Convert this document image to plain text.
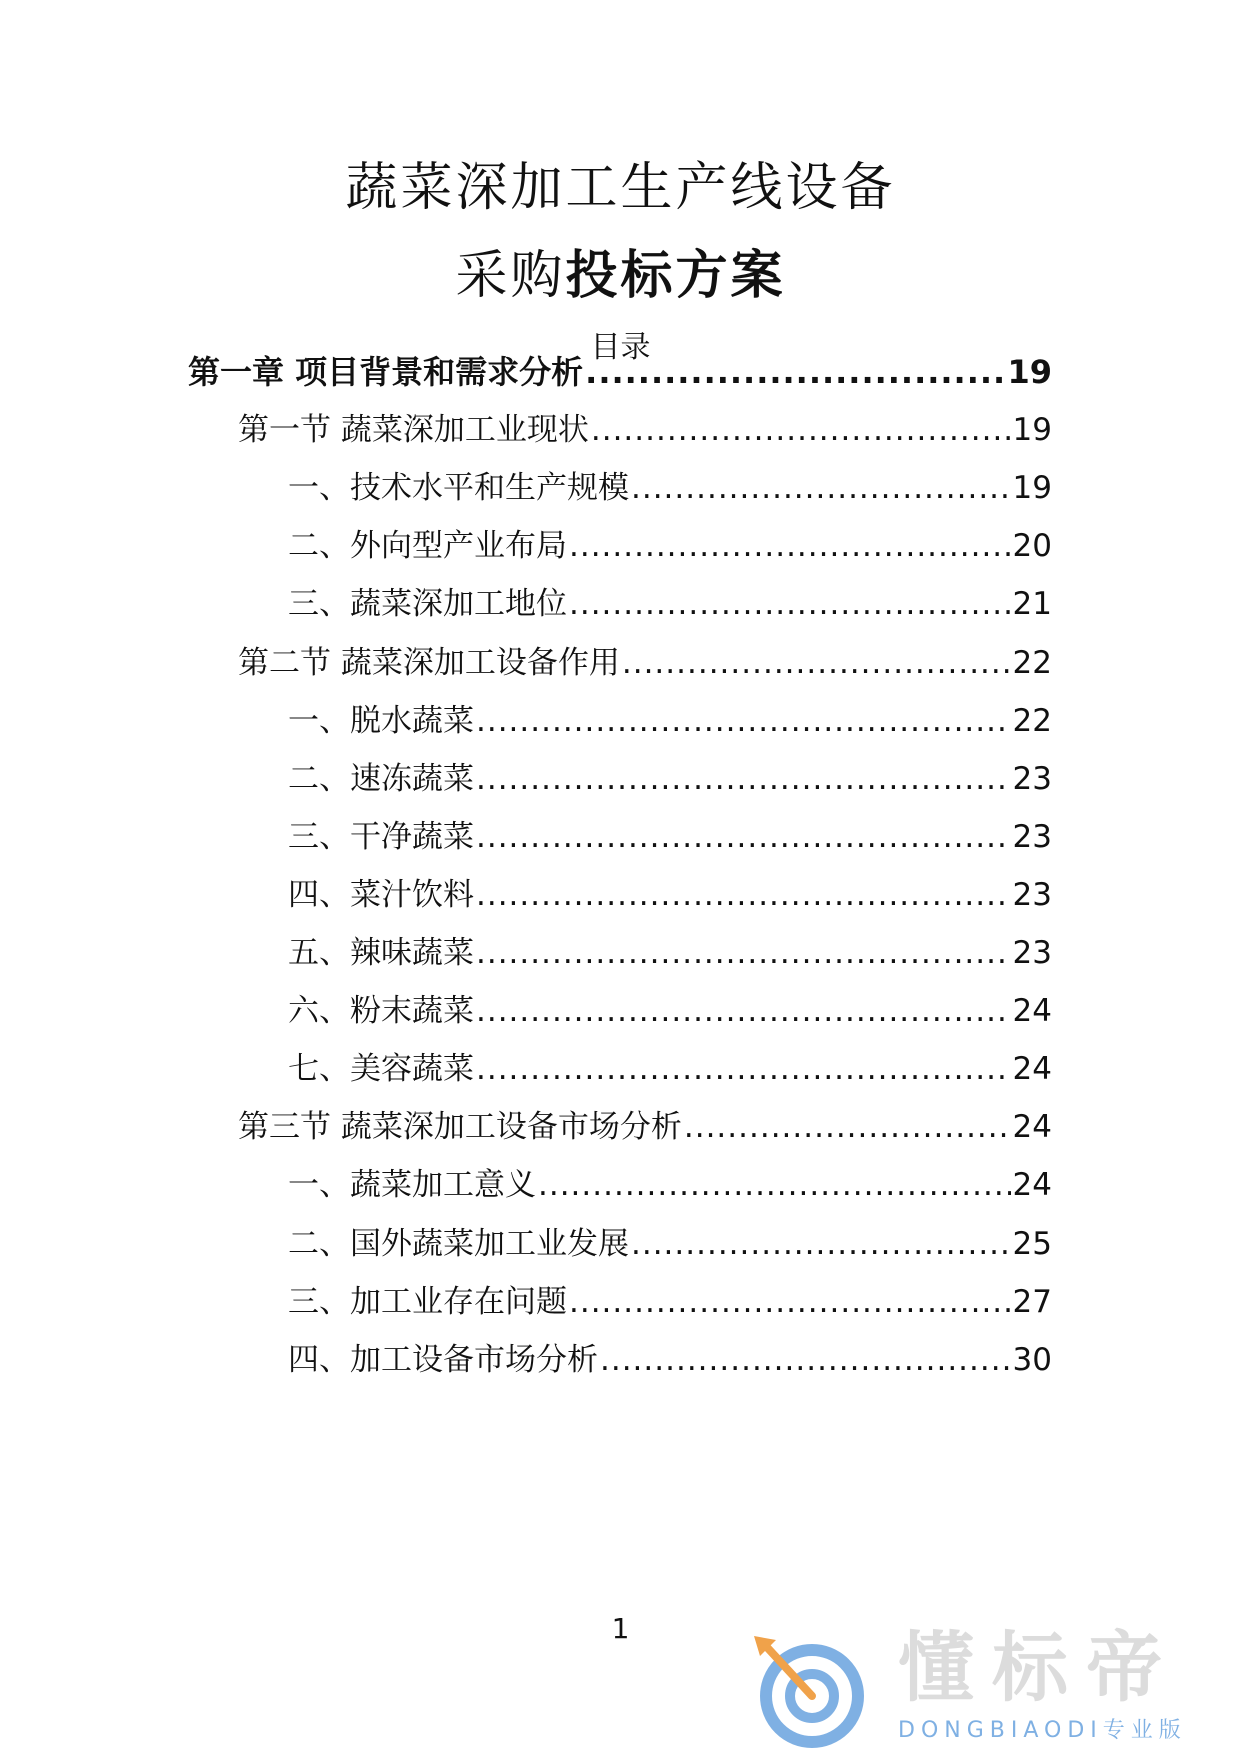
蔬菜深加工生产线设备
采购投标方案
目录
第一章 项目背景和需求分析 .....	19
第一节 蔬菜深加工业现状 .....	19
一、技术水平和生产规模 .....	19
二、外向型产业布局 .....	20
三、蔬菜深加工地位 .....	21
第二节 蔬菜深加工设备作用 .....	22
一、脱水蔬菜 .....	22
二、速冻蔬菜 .....	23
三、干净蔬菜 .....	23
四、菜汁饮料 .....	23
五、辣味蔬菜 .....	23
六、粉末蔬菜 .....	24
七、美容蔬菜 .....	24
第三节 蔬菜深加工设备市场分析 .....	24
一、蔬菜加工意义 .....	24
二、国外蔬菜加工业发展 .....	25
三、加工业存在问题 .....	27
四、加工设备市场分析 .....	30
1	懂标帝
DONGBIAODI专业版
